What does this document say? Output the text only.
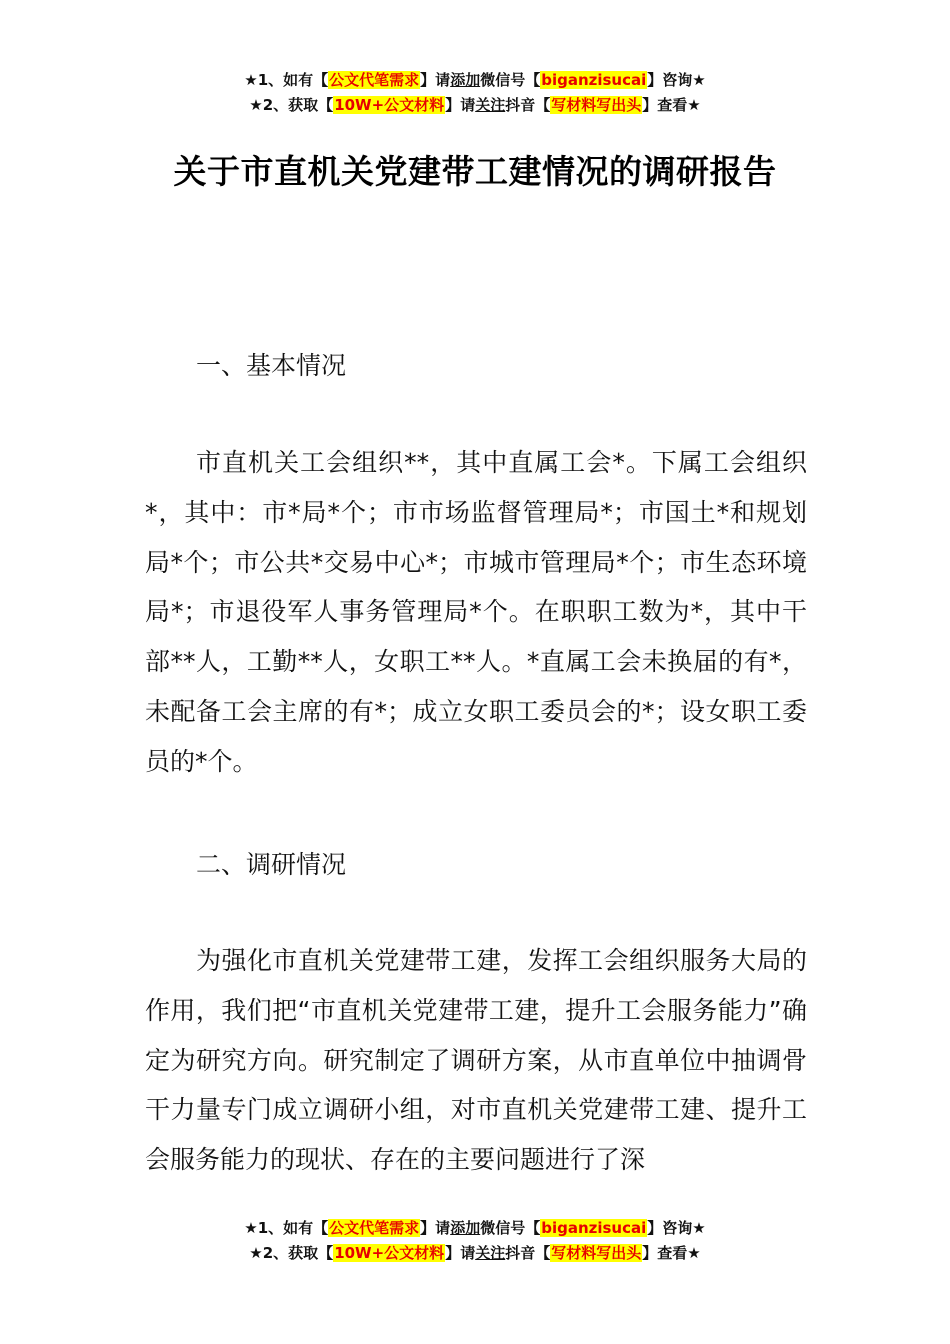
★1、如有【公文代笔需求】请添加微信号【biganzisucai】咨询★
★2、获取【10W+公文材料】请关注抖音【写材料写出头】查看★
关于市直机关党建带工建情况的调研报告
一、基本情况

市直机关工会组织**，其中直属工会*。下属工会组织*，其中：市*局*个；市市场监督管理局*；市国土*和规划局*个；市公共*交易中心*；市城市管理局*个；市生态环境局*；市退役军人事务管理局*个。在职职工数为*，其中干部**人，工勤**人，女职工**人。*直属工会未换届的有*，未配备工会主席的有*；成立女职工委员会的*；设女职工委员的*个。

二、调研情况

为强化市直机关党建带工建，发挥工会组织服务大局的作用，我们把“市直机关党建带工建，提升工会服务能力”确定为研究方向。研究制定了调研方案，从市直单位中抽调骨干力量专门成立调研小组，对市直机关党建带工建、提升工会服务能力的现状、存在的主要问题进行了深

★1、如有【公文代笔需求】请添加微信号【biganzisucai】咨询★
★2、获取【10W+公文材料】请关注抖音【写材料写出头】查看★
